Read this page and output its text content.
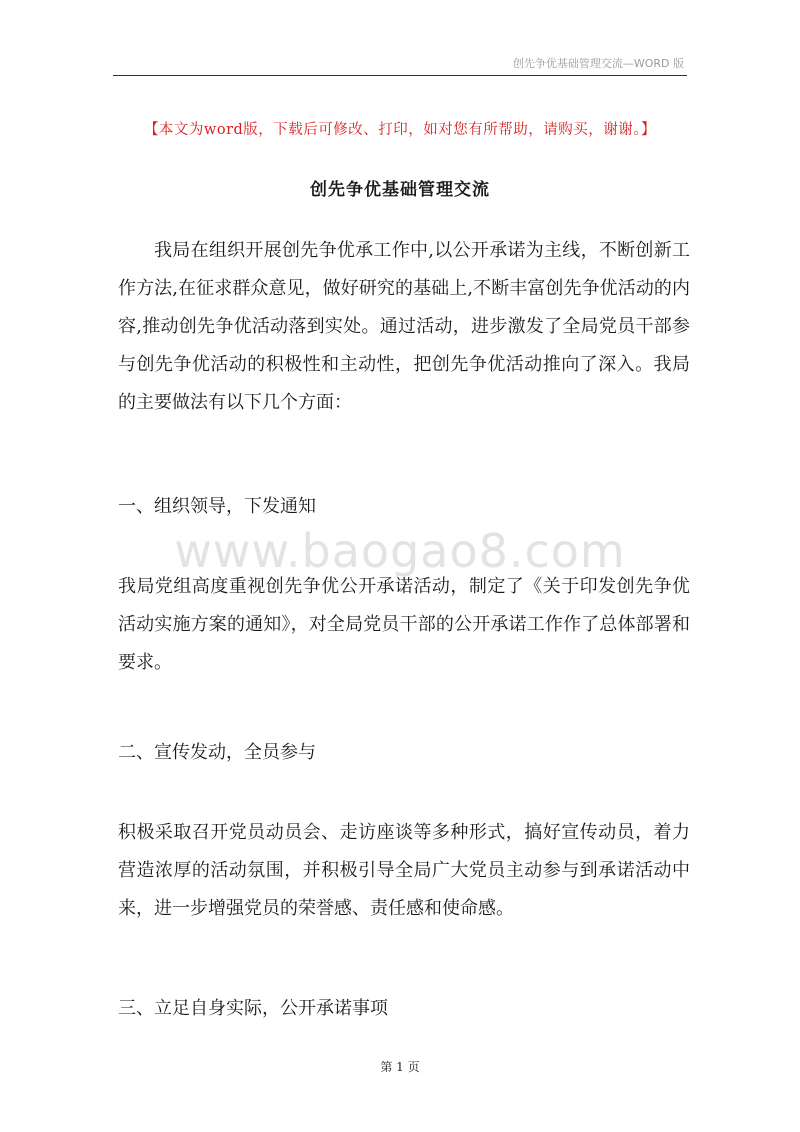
创先争优基础管理交流—WORD 版
【本文为word版，下载后可修改、打印，如对您有所帮助，请购买，谢谢。】
创先争优基础管理交流
我局在组织开展创先争优承工作中,以公开承诺为主线，不断创新工作方法,在征求群众意见，做好研究的基础上,不断丰富创先争优活动的内容,推动创先争优活动落到实处。通过活动，进步激发了全局党员干部参与创先争优活动的积极性和主动性，把创先争优活动推向了深入。我局的主要做法有以下几个方面：
一、组织领导，下发通知
www.baogao8.com
我局党组高度重视创先争优公开承诺活动，制定了《关于印发创先争优活动实施方案的通知》，对全局党员干部的公开承诺工作作了总体部署和要求。
二、宣传发动，全员参与
积极采取召开党员动员会、走访座谈等多种形式，搞好宣传动员，着力营造浓厚的活动氛围，并积极引导全局广大党员主动参与到承诺活动中来，进一步增强党员的荣誉感、责任感和使命感。
三、立足自身实际，公开承诺事项
第 1 页
